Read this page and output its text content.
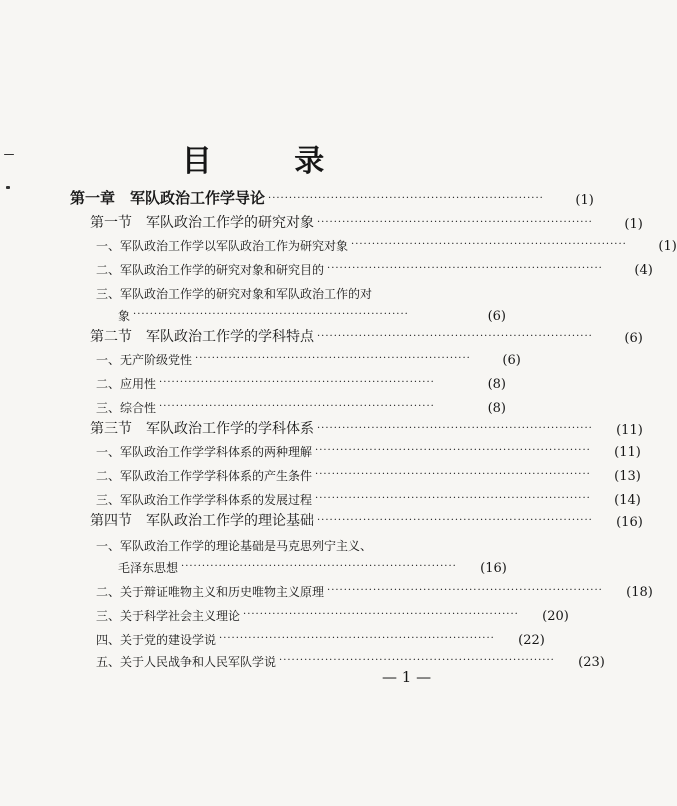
目 录
第一章　军队政治工作学导论 ··································································	(1)
第一节　军队政治工作学的研究对象 ··································································	(1)
一、军队政治工作学以军队政治工作为研究对象 ··································································	(1)
二、军队政治工作学的研究对象和研究目的 ··································································	(4)
三、军队政治工作学的研究对象和军队政治工作的对
象 ··································································	(6)
第二节　军队政治工作学的学科特点 ··································································	(6)
一、无产阶级党性 ··································································	(6)
二、应用性 ··································································	(8)
三、综合性 ··································································	(8)
第三节　军队政治工作学的学科体系 ··································································	(11)
一、军队政治工作学学科体系的两种理解 ··································································	(11)
二、军队政治工作学学科体系的产生条件 ··································································	(13)
三、军队政治工作学学科体系的发展过程 ··································································	(14)
第四节　军队政治工作学的理论基础 ··································································	(16)
一、军队政治工作学的理论基础是马克思列宁主义、
毛泽东思想 ··································································	(16)
二、关于辩证唯物主义和历史唯物主义原理 ··································································	(18)
三、关于科学社会主义理论 ··································································	(20)
四、关于党的建设学说 ··································································	(22)
五、关于人民战争和人民军队学说 ··································································	(23)
— 1 —
